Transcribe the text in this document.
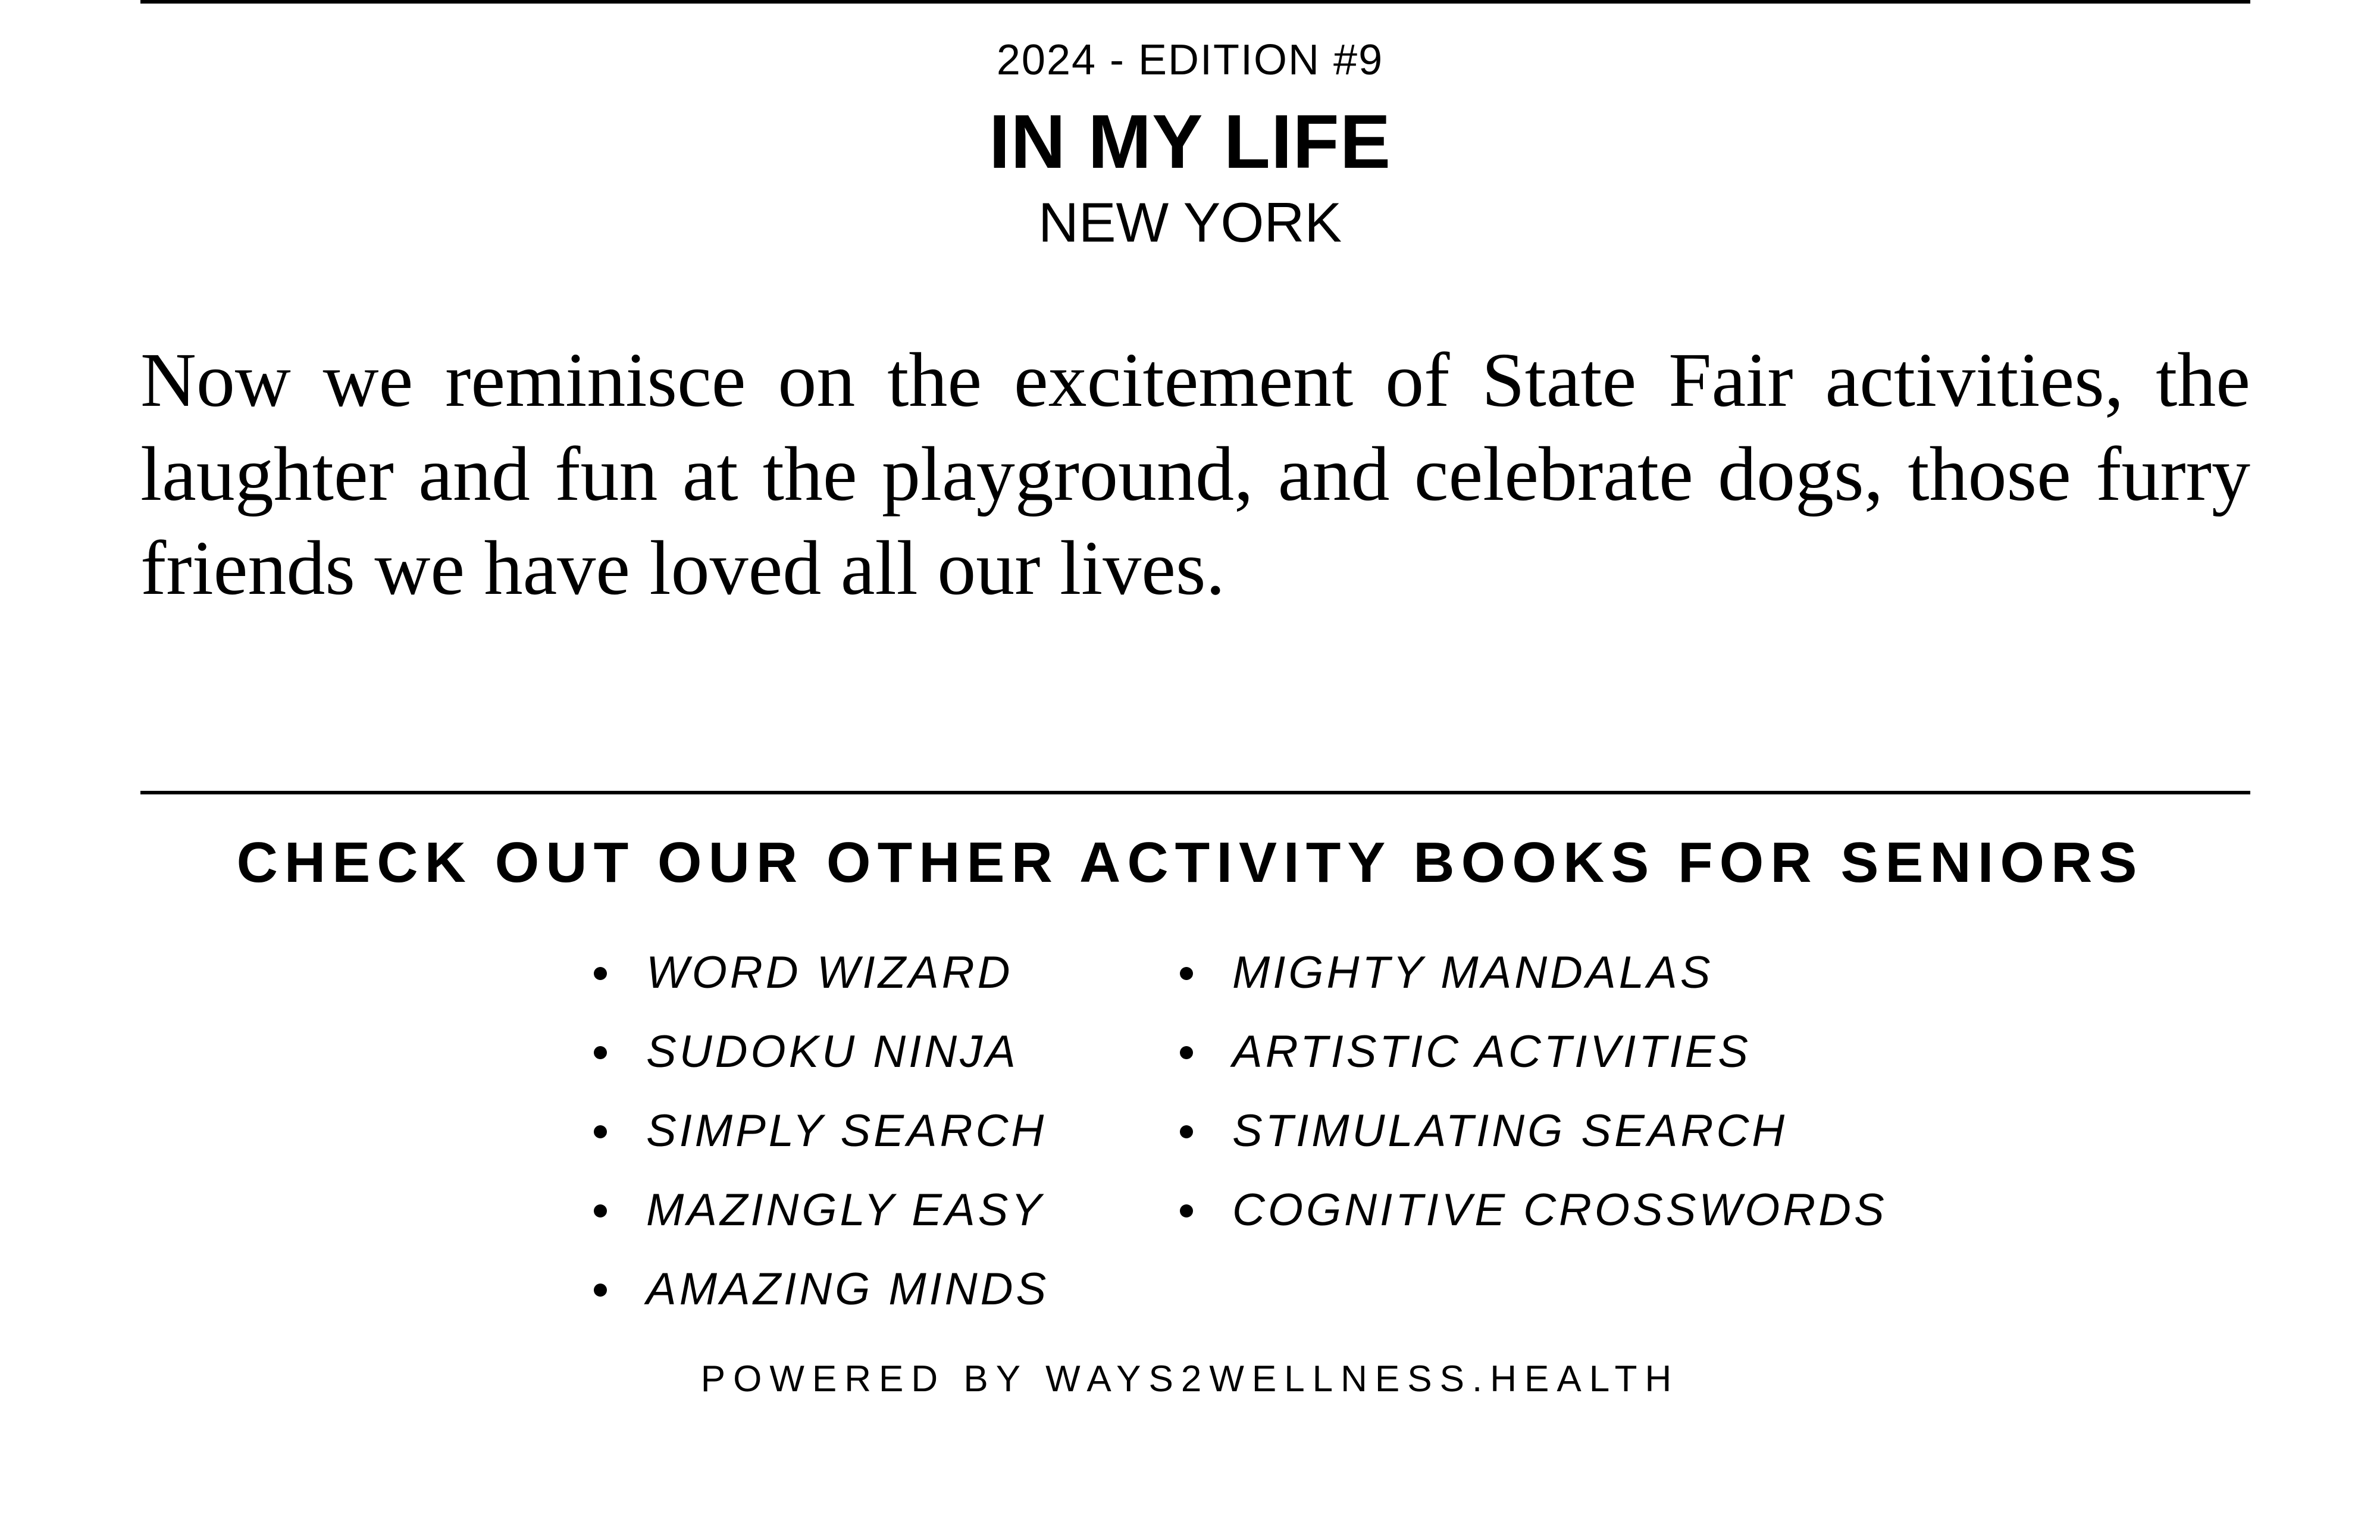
2024 - EDITION #9
IN MY LIFE
NEW YORK

Now we reminisce on the excitement of State Fair activities, the laughter and fun at the playground, and celebrate dogs, those furry friends we have loved all our lives.

CHECK OUT OUR OTHER ACTIVITY BOOKS FOR SENIORS
WORD WIZARD
SUDOKU NINJA
SIMPLY SEARCH
MAZINGLY EASY
AMAZING MINDS
MIGHTY MANDALAS
ARTISTIC ACTIVITIES
STIMULATING SEARCH
COGNITIVE CROSSWORDS
POWERED BY WAYS2WELLNESS.HEALTH
